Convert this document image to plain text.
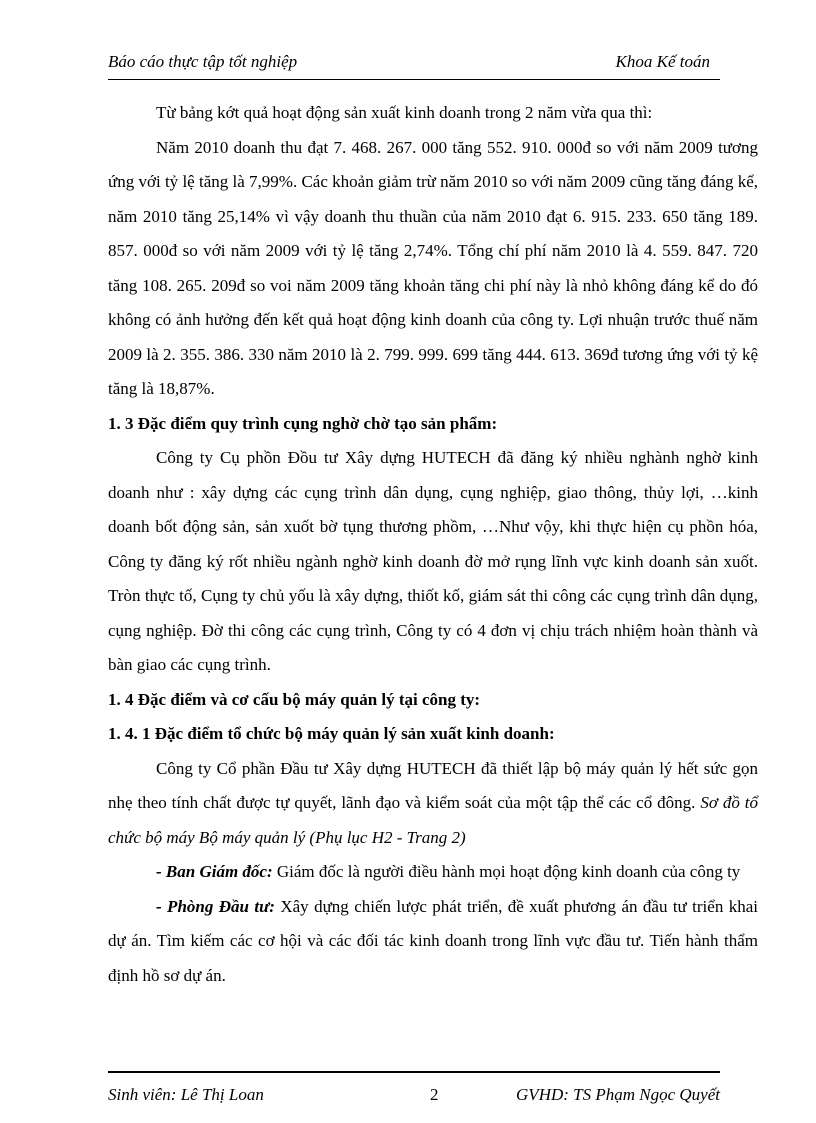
Báo cáo thực tập tốt nghiệp	Khoa Kế toán

Từ bảng kớt quả hoạt động sản xuất kinh doanh trong 2 năm vừa qua thì:

Năm 2010 doanh thu đạt 7. 468. 267. 000 tăng 552. 910. 000đ so với năm 2009 tương ứng với tỷ lệ tăng là 7,99%. Các khoản giảm trừ năm 2010 so với năm 2009 cũng tăng đáng kể, năm 2010 tăng 25,14% vì vậy doanh thu thuần của năm 2010 đạt 6. 915. 233. 650 tăng 189. 857. 000đ so với năm 2009 với tỷ lệ tăng 2,74%. Tổng chí phí năm 2010 là 4. 559. 847. 720 tăng 108. 265. 209đ so voi năm 2009 tăng khoản tăng chi phí này là nhỏ không đáng kể do đó không có ảnh hưởng đến kết quả hoạt động kinh doanh của công ty. Lợi nhuận trước thuế năm 2009 là 2. 355. 386. 330 năm 2010 là 2. 799. 999. 699 tăng 444. 613. 369đ tương ứng với tỷ kệ tăng là 18,87%.

1. 3 Đặc điểm quy trình cụng nghờ chờ tạo sản phẩm:

Công ty Cụ phồn Đồu tư Xây dựng HUTECH đã đăng ký nhiều nghành nghờ kinh doanh như : xây dựng các cụng trình dân dụng, cụng nghiệp, giao thông, thủy lợi, …kinh doanh bốt động sản, sản xuốt bờ tụng thương phồm, …Như vộy, khi thực hiện cụ phồn hóa, Công ty đăng ký rốt nhiều ngành nghờ kinh doanh đờ mở rụng lĩnh vực kinh doanh sản xuốt. Tròn thực tố, Cụng ty chủ yốu là xây dựng, thiốt kố, giám sát thi công các cụng trình dân dụng, cụng nghiệp. Đờ thi công các cụng trình, Công ty có 4 đơn vị chịu trách nhiệm hoàn thành và bàn giao các cụng trình.

1. 4 Đặc điểm và cơ cấu bộ máy quản lý tại công ty:

1. 4. 1 Đặc điểm tổ chức bộ máy quản lý sản xuất kinh doanh:

Công ty Cổ phần Đầu tư Xây dựng HUTECH đã thiết lập bộ máy quản lý hết sức gọn nhẹ theo tính chất được tự quyết, lãnh đạo và kiểm soát của một tập thể các cổ đông. Sơ đồ tổ chức bộ máy Bộ máy quản lý (Phụ lục H2 - Trang 2)

- Ban Giám đốc: Giám đốc là người điều hành mọi hoạt động kinh doanh của công ty

- Phòng Đầu tư: Xây dựng chiến lược phát triển, đề xuất phương án đầu tư triển khai dự án. Tìm kiếm các cơ hội và các đối tác kinh doanh trong lĩnh vực đầu tư. Tiến hành thẩm định hồ sơ dự án.

Sinh viên: Lê Thị Loan	2	GVHD: TS Phạm Ngọc Quyết
